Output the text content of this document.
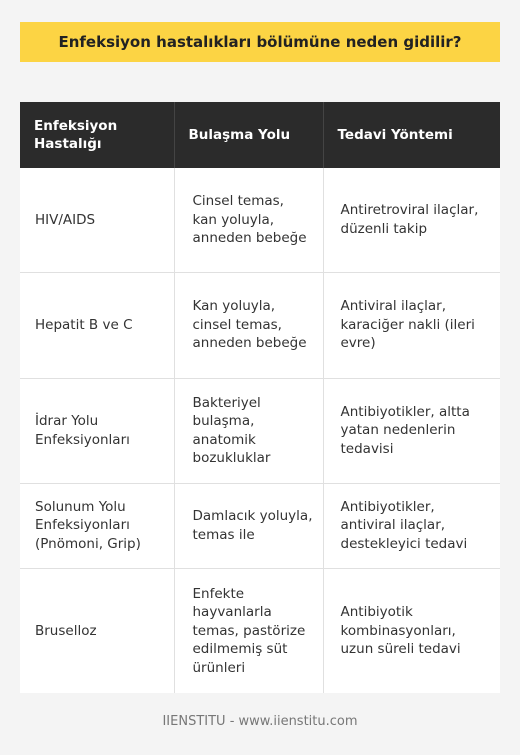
Enfeksiyon hastalıkları bölümüne neden gidilir?
Enfeksiyon Hastalığı	Bulaşma Yolu	Tedavi Yöntemi
HIV/AIDS	Cinsel temas, kan yoluyla, anneden bebeğe	Antiretroviral ilaçlar, düzenli takip
Hepatit B ve C	Kan yoluyla, cinsel temas, anneden bebeğe	Antiviral ilaçlar, karaciğer nakli (ileri evre)
İdrar Yolu Enfeksiyonları	Bakteriyel bulaşma, anatomik bozukluklar	Antibiyotikler, altta yatan nedenlerin tedavisi
Solunum Yolu Enfeksiyonları (Pnömoni, Grip)	Damlacık yoluyla, temas ile	Antibiyotikler, antiviral ilaçlar, destekleyici tedavi
Bruselloz	Enfekte hayvanlarla temas, pastörize edilmemiş süt ürünleri	Antibiyotik kombinasyonları, uzun süreli tedavi
IIENSTITU - www.iienstitu.com
